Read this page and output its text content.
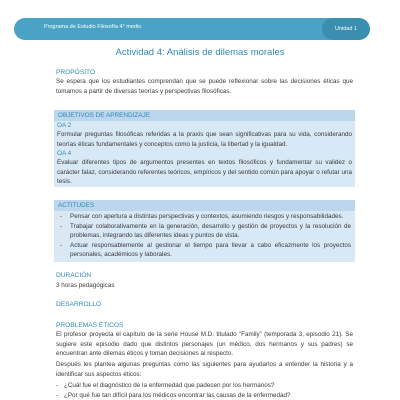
Programa de Estudio Filosofía 4° medio	Unidad 1
Actividad 4: Análisis de dilemas morales
PROPÓSITO

Se espera que los estudiantes comprendan que se puede reflexionar sobre las decisiones éticas que tomamos a partir de diversas teorías y perspectivas filosóficas.

OBJETIVOS DE APRENDIZAJE
OA 2
Formular preguntas filosóficas referidas a la praxis que sean significativas para su vida, considerando teorías éticas fundamentales y conceptos como la justicia, la libertad y la igualdad.
OA 4
Evaluar diferentes tipos de argumentos presentes en textos filosóficos y fundamentar su validez o carácter falaz, considerando referentes teóricos, empíricos y del sentido común para apoyar o refutar una tesis.
ACTITUDES
- Pensar con apertura a distintas perspectivas y contextos, asumiendo riesgos y responsabilidades.
- Trabajar colaborativamente en la generación, desarrollo y gestión de proyectos y la resolución de problemas, integrando las diferentes ideas y puntos de vista.
- Actuar responsablemente al gestionar el tiempo para llevar a cabo eficazmente los proyectos personales, académicos y laborales.
DURACIÓN

3 horas pedagógicas

DESARROLLO
PROBLEMAS ÉTICOS

El profesor proyecta el capítulo de la serie House M.D. titulado “Family” (temporada 3, episodio 21). Se sugiere este episodio dado que distintos personajes (un médico, dos hermanos y sus padres) se encuentran ante dilemas éticos y toman decisiones al respecto.

Después les plantea algunas preguntas como las siguientes para ayudarlos a entender la historia y a identificar sus aspectos éticos:

- ¿Cuál fue el diagnóstico de la enfermedad que padecen por los hermanos?
- ¿Por qué fue tan difícil para los médicos encontrar las causas de la enfermedad?
